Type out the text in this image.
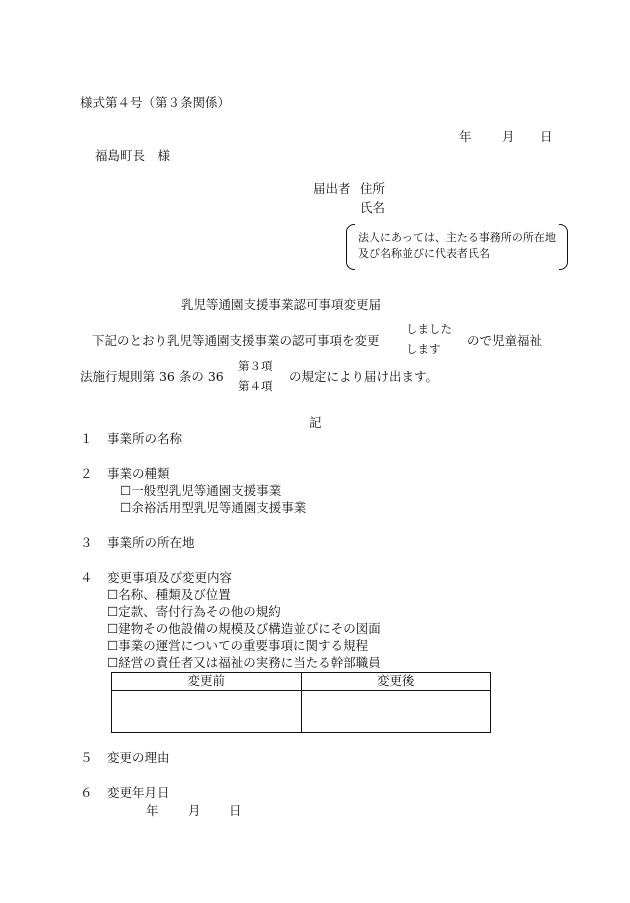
様式第４号（第３条関係）
年 月 日
福島町長　様
届出者 住所
氏名
法人にあっては、主たる事務所の所在地及び名称並びに代表者氏名
乳児等通園支援事業認可事項変更届
下記のとおり乳児等通園支援事業の認可事項を変更
しました
します
ので児童福祉
法施行規則第 36 条の 36
第３項
第４項
の規定により届け出ます。
記
１ 事業所の名称
２ 事業の種類
☐一般型乳児等通園支援事業
☐余裕活用型乳児等通園支援事業
３ 事業所の所在地
４ 変更事項及び変更内容
☐名称、種類及び位置
☐定款、寄付行為その他の規約
☐建物その他設備の規模及び構造並びにその図面
☐事業の運営についての重要事項に関する規程
☐経営の責任者又は福祉の実務に当たる幹部職員
変更前	変更後

５ 変更の理由
６ 変更年月日
年 月 日
